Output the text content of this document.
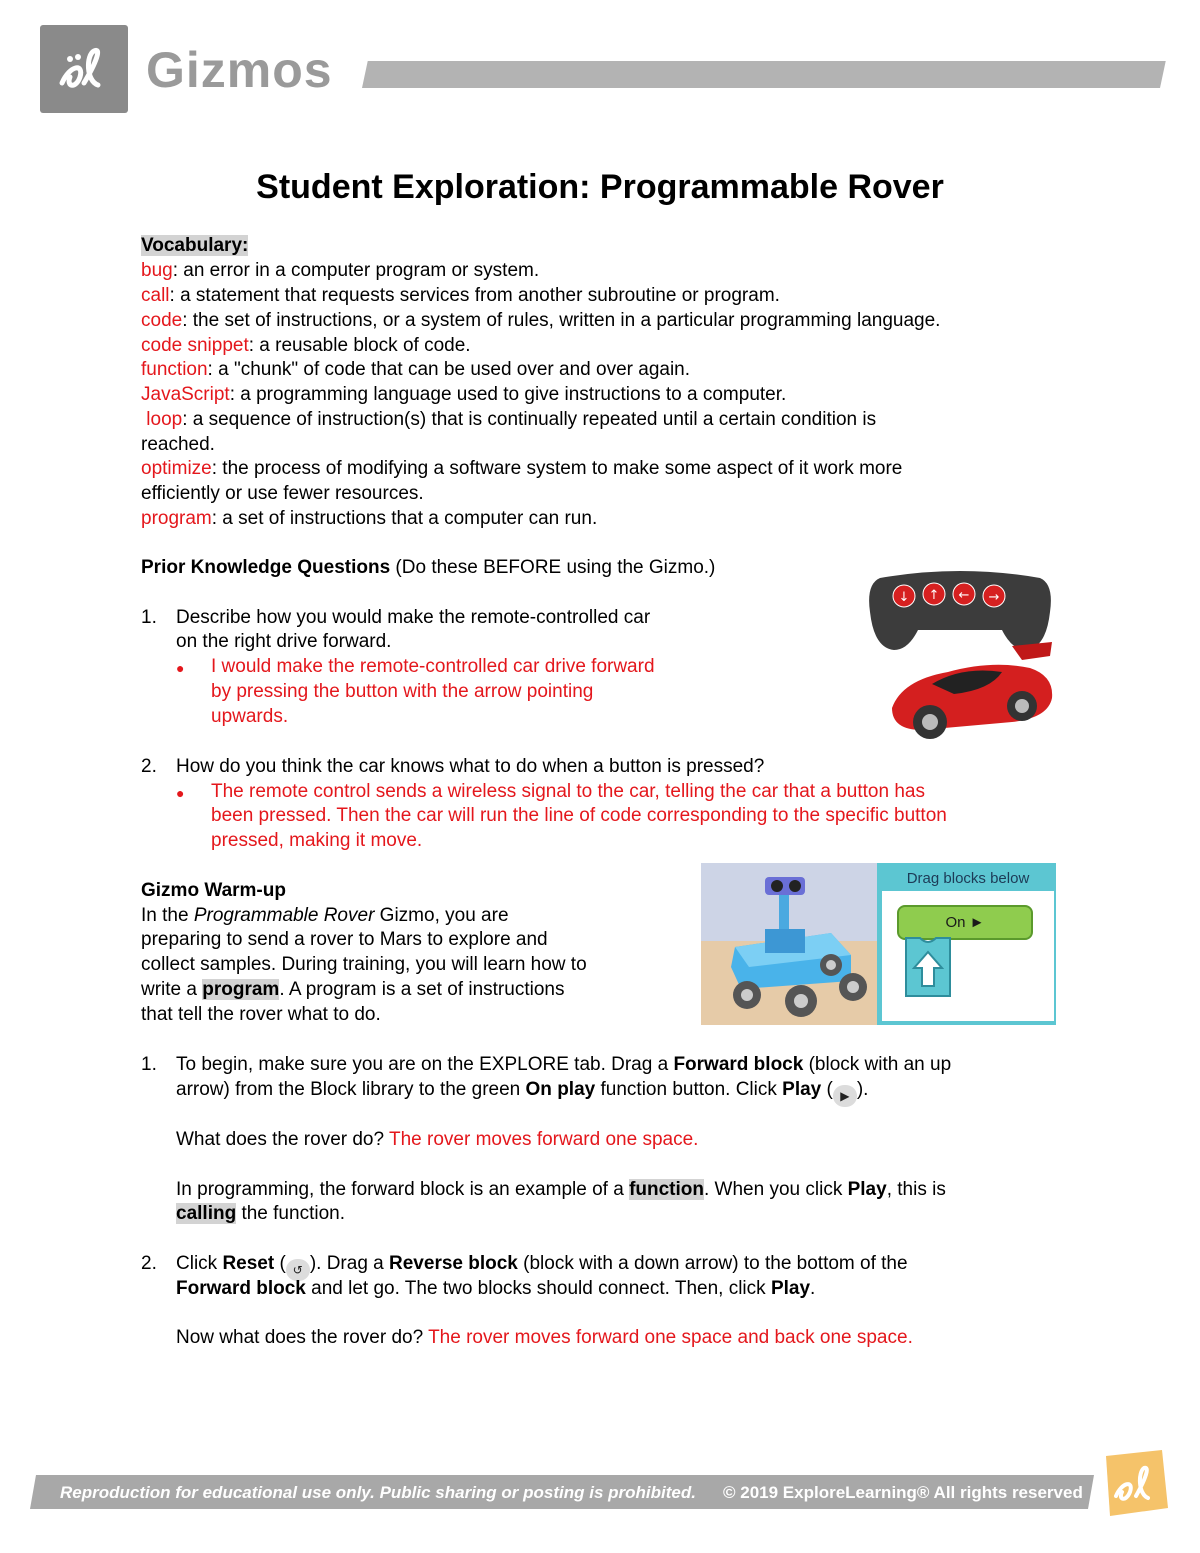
Gizmos
Student Exploration: Programmable Rover
Vocabulary:
bug: an error in a computer program or system.
call: a statement that requests services from another subroutine or program.
code: the set of instructions, or a system of rules, written in a particular programming language.
code snippet: a reusable block of code.
function: a "chunk" of code that can be used over and over again.
JavaScript: a programming language used to give instructions to a computer.
loop: a sequence of instruction(s) that is continually repeated until a certain condition is
reached.
optimize: the process of modifying a software system to make some aspect of it work more
efficiently or use fewer resources.
program: a set of instructions that a computer can run.
Prior Knowledge Questions (Do these BEFORE using the Gizmo.)
1. Describe how you would make the remote-controlled car
on the right drive forward.
● I would make the remote-controlled car drive forward
by pressing the button with the arrow pointing
upwards.
↓ ↑ ← →
2. How do you think the car knows what to do when a button is pressed?
● The remote control sends a wireless signal to the car, telling the car that a button has
been pressed. Then the car will run the line of code corresponding to the specific button
pressed, making it move.
Gizmo Warm-up
In the Programmable Rover Gizmo, you are
preparing to send a rover to Mars to explore and
collect samples. During training, you will learn how to
write a program. A program is a set of instructions
that tell the rover what to do.
Drag blocks below
On ►
1. To begin, make sure you are on the EXPLORE tab. Drag a Forward block (block with an up
arrow) from the Block library to the green On play function button. Click Play ( ▶ ).
What does the rover do? The rover moves forward one space.
In programming, the forward block is an example of a function. When you click Play, this is
calling the function.
2. Click Reset ( ↺ ). Drag a Reverse block (block with a down arrow) to the bottom of the
Forward block and let go. The two blocks should connect. Then, click Play.
Now what does the rover do? The rover moves forward one space and back one space.
Reproduction for educational use only. Public sharing or posting is prohibited. © 2019 ExploreLearning® All rights reserved
